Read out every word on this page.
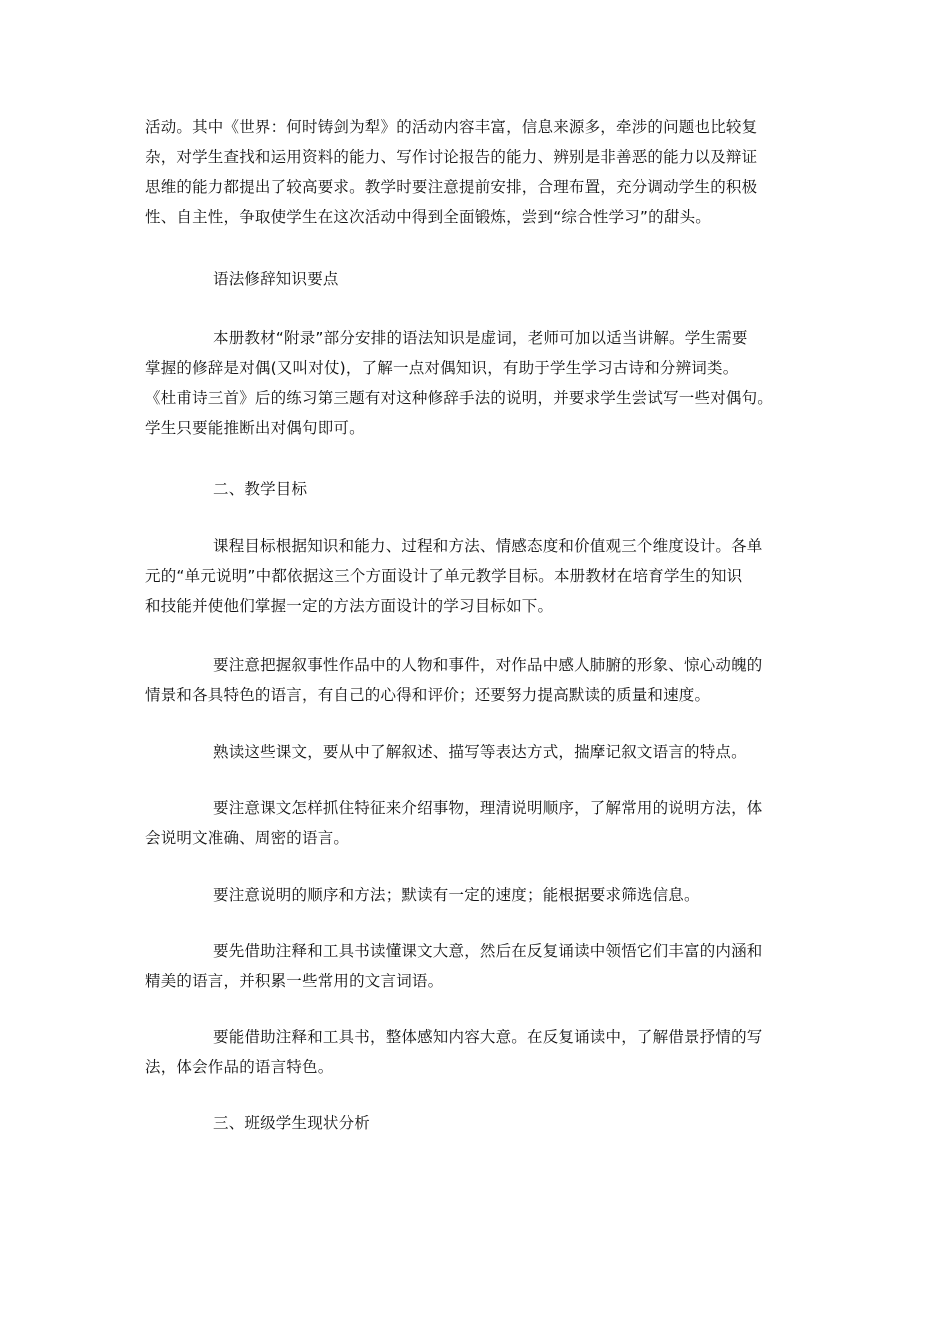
活动。其中《世界：何时铸剑为犁》的活动内容丰富，信息来源多，牵涉的问题也比较复
杂，对学生查找和运用资料的能力、写作讨论报告的能力、辨别是非善恶的能力以及辩证
思维的能力都提出了较高要求。教学时要注意提前安排，合理布置，充分调动学生的积极
性、自主性，争取使学生在这次活动中得到全面锻炼，尝到“综合性学习”的甜头。
语法修辞知识要点
本册教材“附录”部分安排的语法知识是虚词，老师可加以适当讲解。学生需要
掌握的修辞是对偶(又叫对仗)，了解一点对偶知识，有助于学生学习古诗和分辨词类。
《杜甫诗三首》后的练习第三题有对这种修辞手法的说明，并要求学生尝试写一些对偶句。
学生只要能推断出对偶句即可。
二、教学目标
课程目标根据知识和能力、过程和方法、情感态度和价值观三个维度设计。各单
元的“单元说明”中都依据这三个方面设计了单元教学目标。本册教材在培育学生的知识
和技能并使他们掌握一定的方法方面设计的学习目标如下。
要注意把握叙事性作品中的人物和事件，对作品中感人肺腑的形象、惊心动魄的
情景和各具特色的语言，有自己的心得和评价；还要努力提高默读的质量和速度。
熟读这些课文，要从中了解叙述、描写等表达方式，揣摩记叙文语言的特点。
要注意课文怎样抓住特征来介绍事物，理清说明顺序，了解常用的说明方法，体
会说明文准确、周密的语言。
要注意说明的顺序和方法；默读有一定的速度；能根据要求筛选信息。
要先借助注释和工具书读懂课文大意，然后在反复诵读中领悟它们丰富的内涵和
精美的语言，并积累一些常用的文言词语。
要能借助注释和工具书，整体感知内容大意。在反复诵读中，了解借景抒情的写
法，体会作品的语言特色。
三、班级学生现状分析
